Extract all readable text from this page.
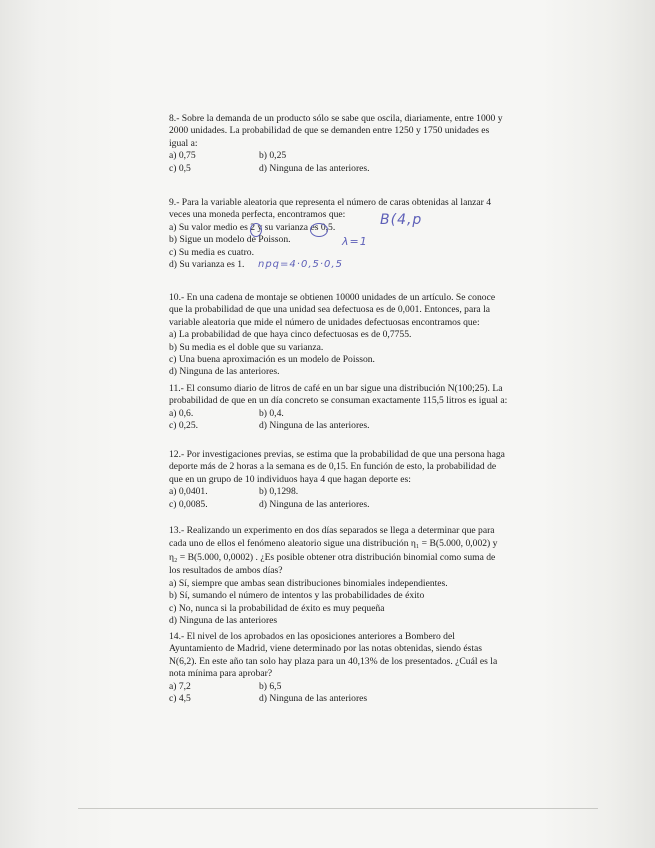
8.- Sobre la demanda de un producto sólo se sabe que oscila, diariamente, entre 1000 y

2000 unidades. La probabilidad de que se demanden entre 1250 y 1750 unidades es

igual a:

a) 0,75	b) 0,25
c) 0,5	d) Ninguna de las anteriores.

9.- Para la variable aleatoria que representa el número de caras obtenidas al lanzar 4

veces una moneda perfecta, encontramos que:

a) Su valor medio es 2 y su varianza es 0,5.

b) Sigue un modelo de Poisson.

c) Su media es cuatro.

d) Su varianza es 1.

B(4,p
λ=1
npq=4·0,5·0,5

10.- En una cadena de montaje se obtienen 10000 unidades de un artículo. Se conoce

que la probabilidad de que una unidad sea defectuosa es de 0,001. Entonces, para la

variable aleatoria que mide el número de unidades defectuosas encontramos que:

a) La probabilidad de que haya cinco defectuosas es de 0,7755.

b) Su media es el doble que su varianza.

c) Una buena aproximación es un modelo de Poisson.

d) Ninguna de las anteriores.

11.- El consumo diario de litros de café en un bar sigue una distribución N(100;25). La

probabilidad de que en un día concreto se consuman exactamente 115,5 litros es igual a:

a) 0,6.	b) 0,4.
c) 0,25.	d) Ninguna de las anteriores.

12.- Por investigaciones previas, se estima que la probabilidad de que una persona haga

deporte más de 2 horas a la semana es de 0,15. En función de esto, la probabilidad de

que en un grupo de 10 individuos haya 4 que hagan deporte es:

a) 0,0401.	b) 0,1298.
c) 0,0085.	d) Ninguna de las anteriores.

13.- Realizando un experimento en dos días separados se llega a determinar que para

cada uno de ellos el fenómeno aleatorio sigue una distribución η₁ = B(5.000, 0,002) y

η₂ = B(5.000, 0,0002) . ¿Es posible obtener otra distribución binomial como suma de

los resultados de ambos días?

a) Sí, siempre que ambas sean distribuciones binomiales independientes.

b) Sí, sumando el número de intentos y las probabilidades de éxito

c) No, nunca si la probabilidad de éxito es muy pequeña

d) Ninguna de las anteriores

14.- El nivel de los aprobados en las oposiciones anteriores a Bombero del

Ayuntamiento de Madrid, viene determinado por las notas obtenidas, siendo éstas

N(6,2). En este año tan solo hay plaza para un 40,13% de los presentados. ¿Cuál es la

nota mínima para aprobar?

a) 7,2	b) 6,5
c) 4,5	d) Ninguna de las anteriores
